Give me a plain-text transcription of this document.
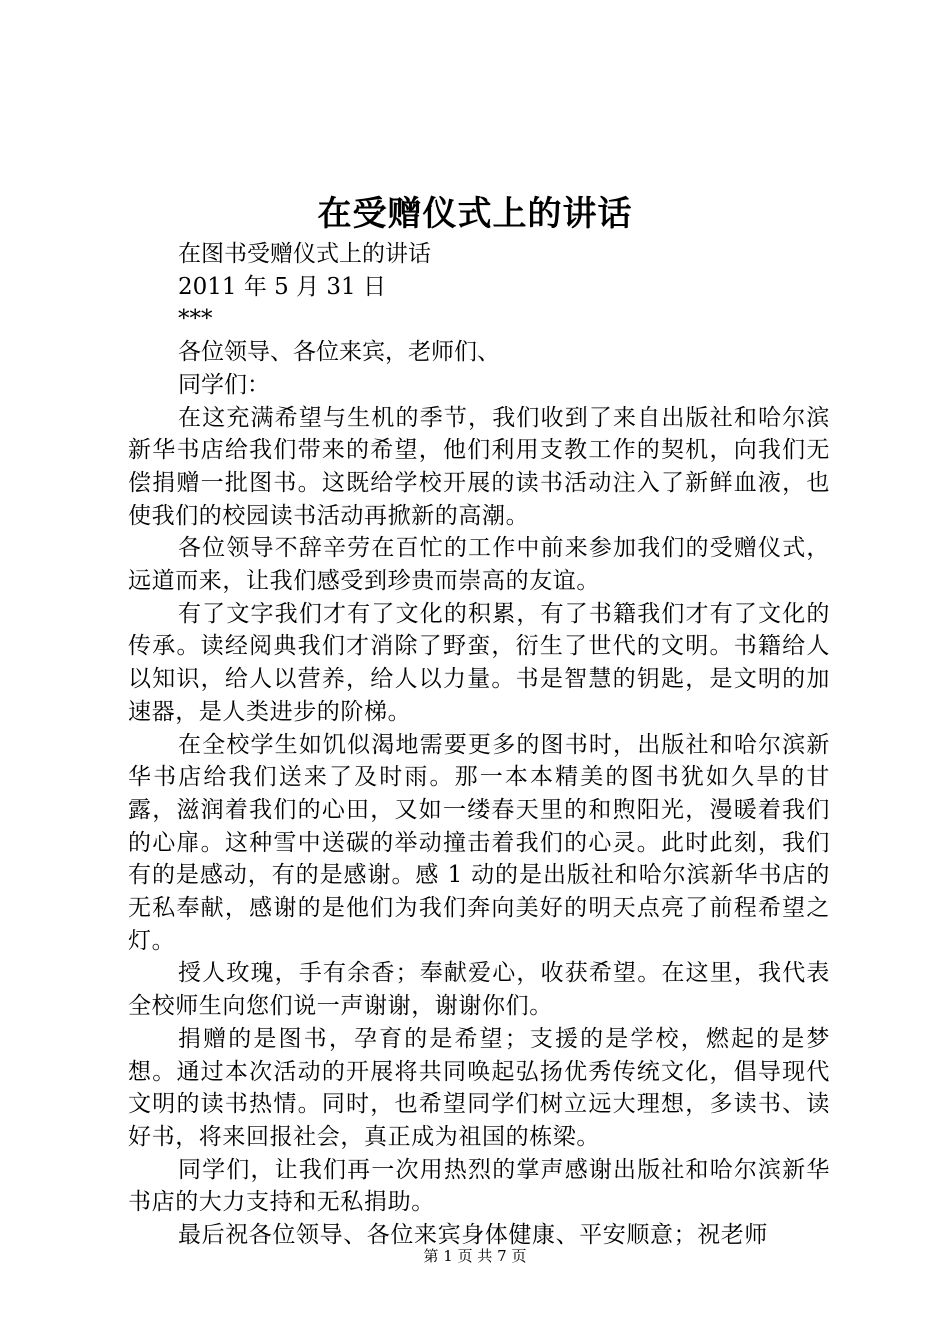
在受赠仪式上的讲话

在图书受赠仪式上的讲话

2011 年 5 月 31 日

***

各位领导、各位来宾，老师们、

同学们：

在这充满希望与生机的季节，我们收到了来自出版社和哈尔滨新华书店给我们带来的希望，他们利用支教工作的契机，向我们无偿捐赠一批图书。这既给学校开展的读书活动注入了新鲜血液，也使我们的校园读书活动再掀新的高潮。

各位领导不辞辛劳在百忙的工作中前来参加我们的受赠仪式，远道而来，让我们感受到珍贵而崇高的友谊。

有了文字我们才有了文化的积累，有了书籍我们才有了文化的传承。读经阅典我们才消除了野蛮，衍生了世代的文明。书籍给人以知识，给人以营养，给人以力量。书是智慧的钥匙，是文明的加速器，是人类进步的阶梯。

在全校学生如饥似渴地需要更多的图书时，出版社和哈尔滨新华书店给我们送来了及时雨。那一本本精美的图书犹如久旱的甘露，滋润着我们的心田，又如一缕春天里的和煦阳光，漫暖着我们的心扉。这种雪中送碳的举动撞击着我们的心灵。此时此刻，我们有的是感动，有的是感谢。感 1 动的是出版社和哈尔滨新华书店的无私奉献，感谢的是他们为我们奔向美好的明天点亮了前程希望之灯。

授人玫瑰，手有余香；奉献爱心，收获希望。在这里，我代表全校师生向您们说一声谢谢，谢谢你们。

捐赠的是图书，孕育的是希望；支援的是学校，燃起的是梦想。通过本次活动的开展将共同唤起弘扬优秀传统文化，倡导现代文明的读书热情。同时，也希望同学们树立远大理想，多读书、读好书，将来回报社会，真正成为祖国的栋梁。

同学们，让我们再一次用热烈的掌声感谢出版社和哈尔滨新华书店的大力支持和无私捐助。

最后祝各位领导、各位来宾身体健康、平安顺意；祝老师

第 1 页 共 7 页
